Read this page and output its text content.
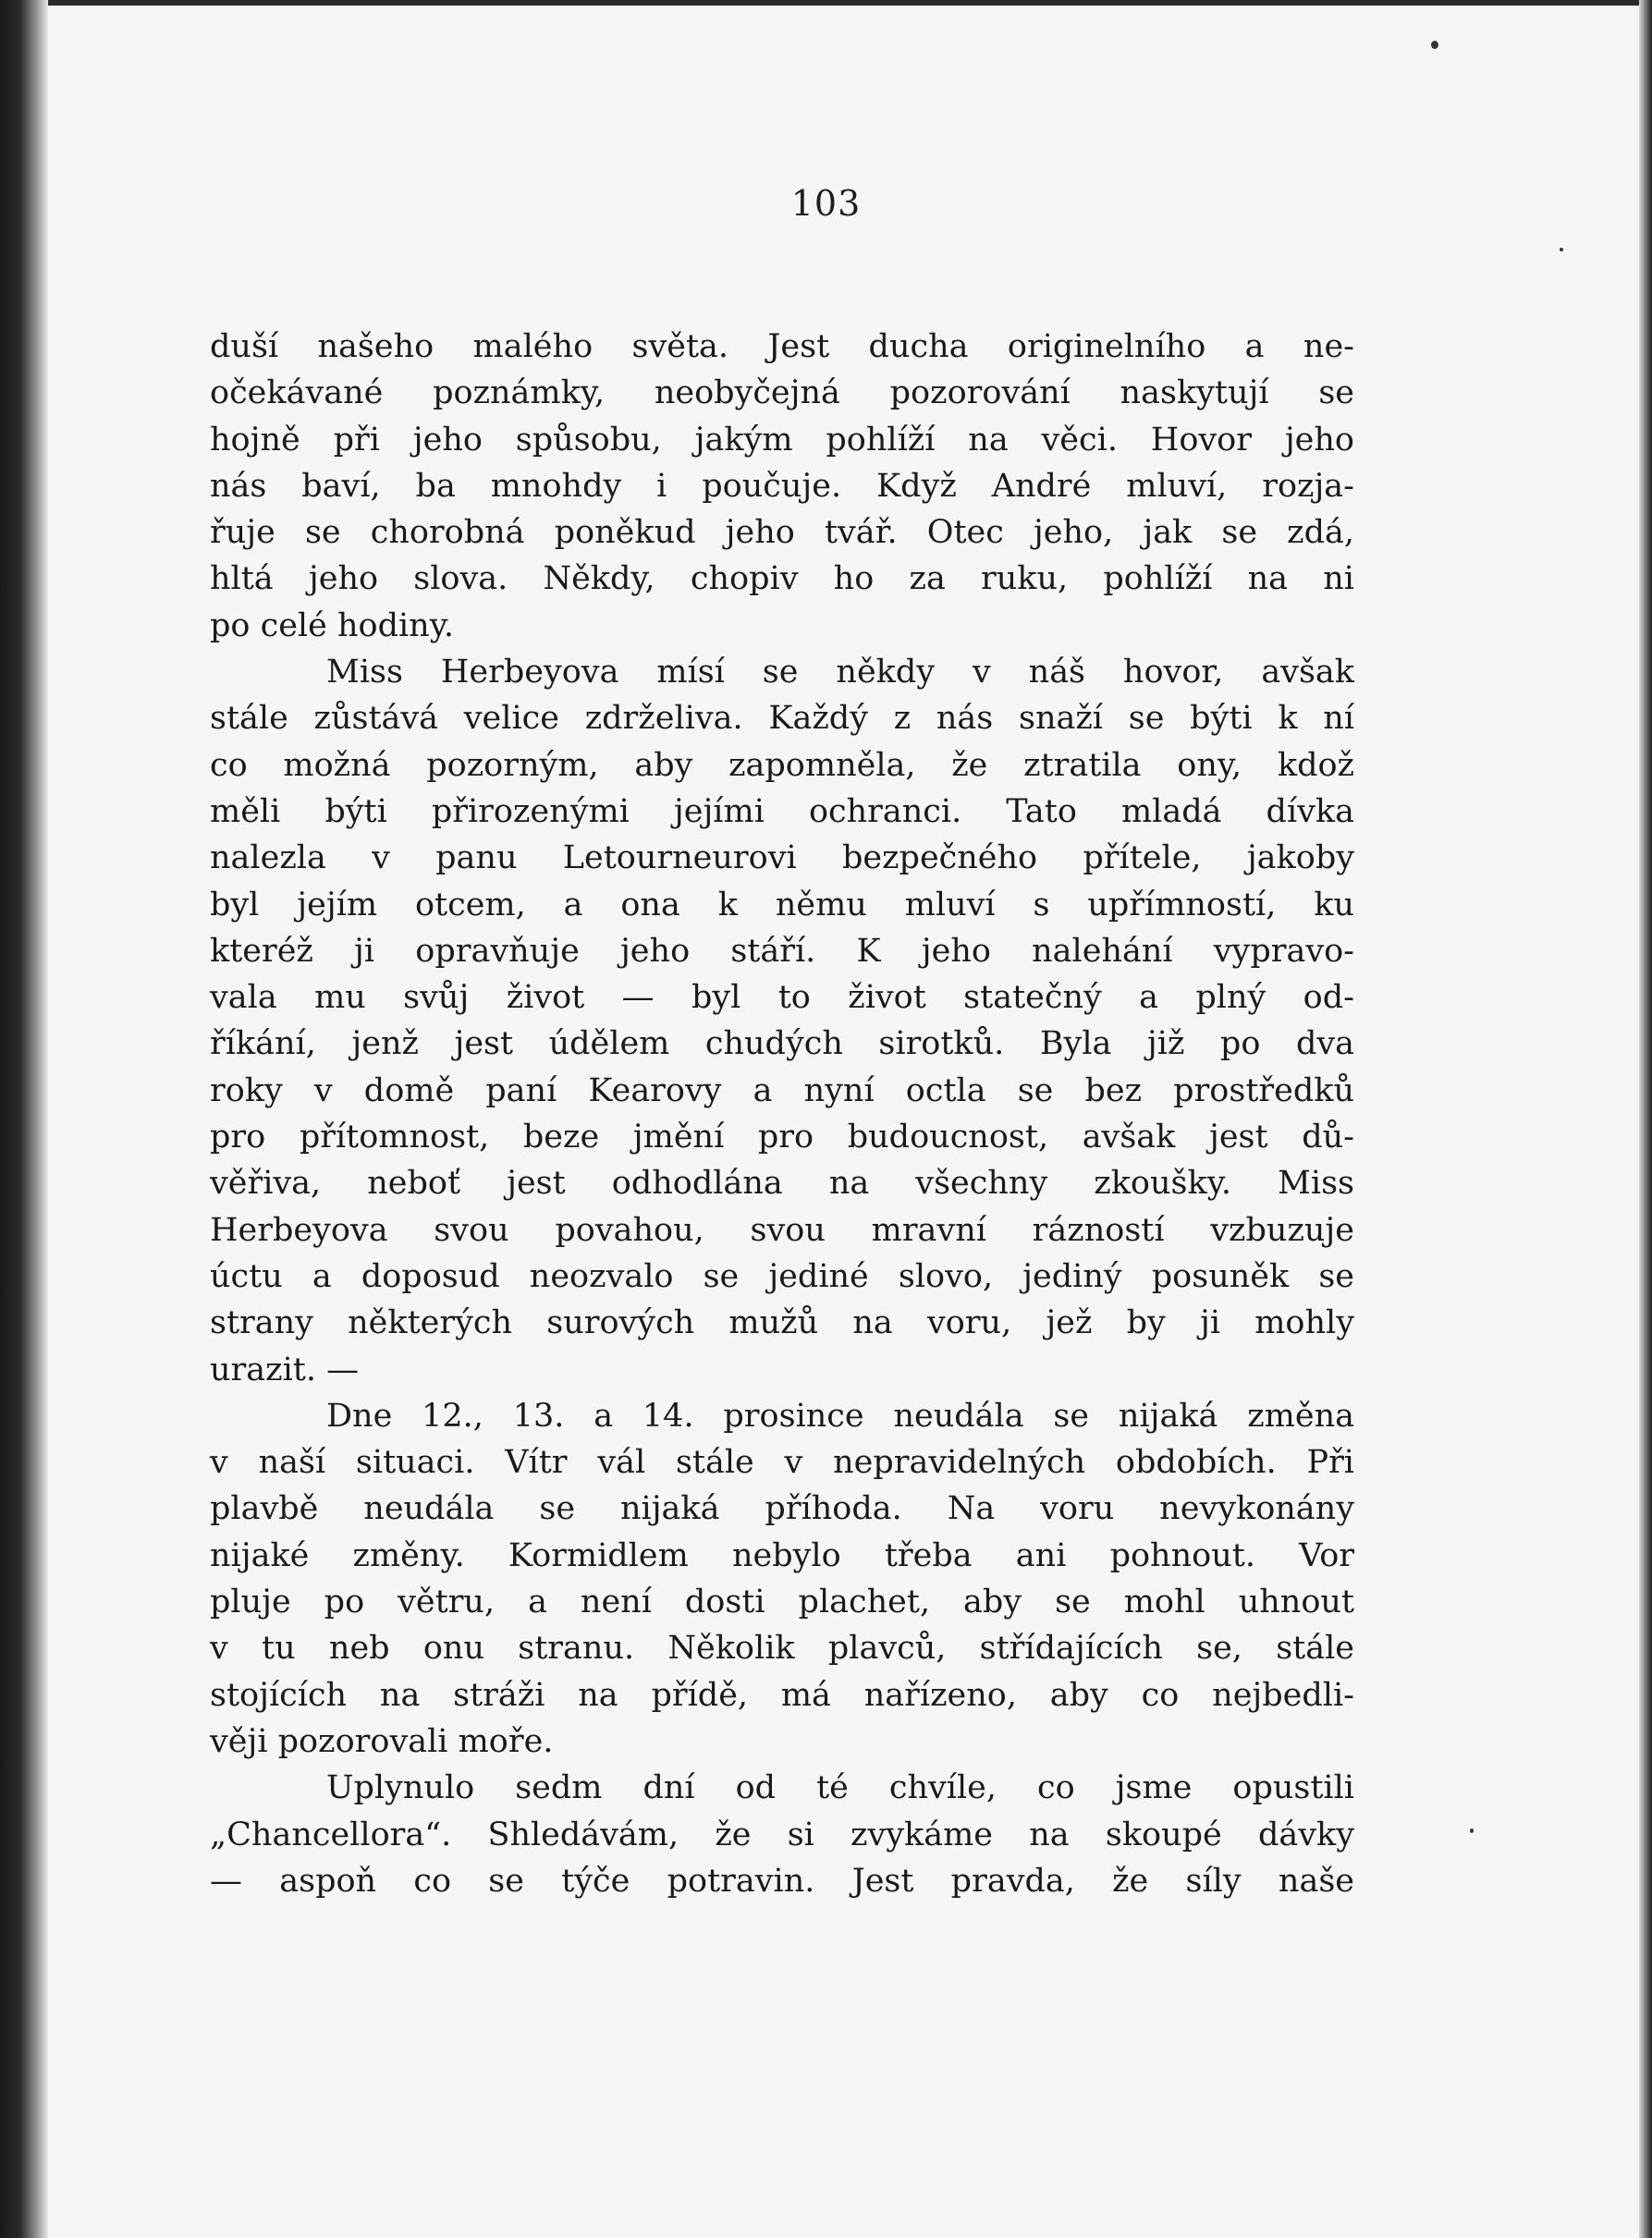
103
duší našeho malého světa. Jest ducha originelního a ne-
očekávané poznámky, neobyčejná pozorování naskytují se
hojně při jeho spůsobu, jakým pohlíží na věci. Hovor jeho
nás baví, ba mnohdy i poučuje. Když André mluví, rozja-
řuje se chorobná poněkud jeho tvář. Otec jeho, jak se zdá,
hltá jeho slova. Někdy, chopiv ho za ruku, pohlíží na ni
po celé hodiny.
Miss Herbeyova mísí se někdy v náš hovor, avšak
stále zůstává velice zdrželiva. Každý z nás snaží se býti k ní
co možná pozorným, aby zapomněla, že ztratila ony, kdož
měli býti přirozenými jejími ochranci. Tato mladá dívka
nalezla v panu Letourneurovi bezpečného přítele, jakoby
byl jejím otcem, a ona k němu mluví s upřímností, ku
kteréž ji opravňuje jeho stáří. K jeho nalehání vypravo-
vala mu svůj život — byl to život statečný a plný od-
říkání, jenž jest údělem chudých sirotků. Byla již po dva
roky v domě paní Kearovy a nyní octla se bez prostředků
pro přítomnost, beze jmění pro budoucnost, avšak jest dů-
věřiva, neboť jest odhodlána na všechny zkoušky. Miss
Herbeyova svou povahou, svou mravní rázností vzbuzuje
úctu a doposud neozvalo se jediné slovo, jediný posuněk se
strany některých surových mužů na voru, jež by ji mohly
urazit. —
Dne 12., 13. a 14. prosince neudála se nijaká změna
v naší situaci. Vítr vál stále v nepravidelných obdobích. Při
plavbě neudála se nijaká příhoda. Na voru nevykonány
nijaké změny. Kormidlem nebylo třeba ani pohnout. Vor
pluje po větru, a není dosti plachet, aby se mohl uhnout
v tu neb onu stranu. Několik plavců, střídajících se, stále
stojících na stráži na přídě, má nařízeno, aby co nejbedli-
věji pozorovali moře.
Uplynulo sedm dní od té chvíle, co jsme opustili
„Chancellora“. Shledávám, že si zvykáme na skoupé dávky
— aspoň co se týče potravin. Jest pravda, že síly naše
